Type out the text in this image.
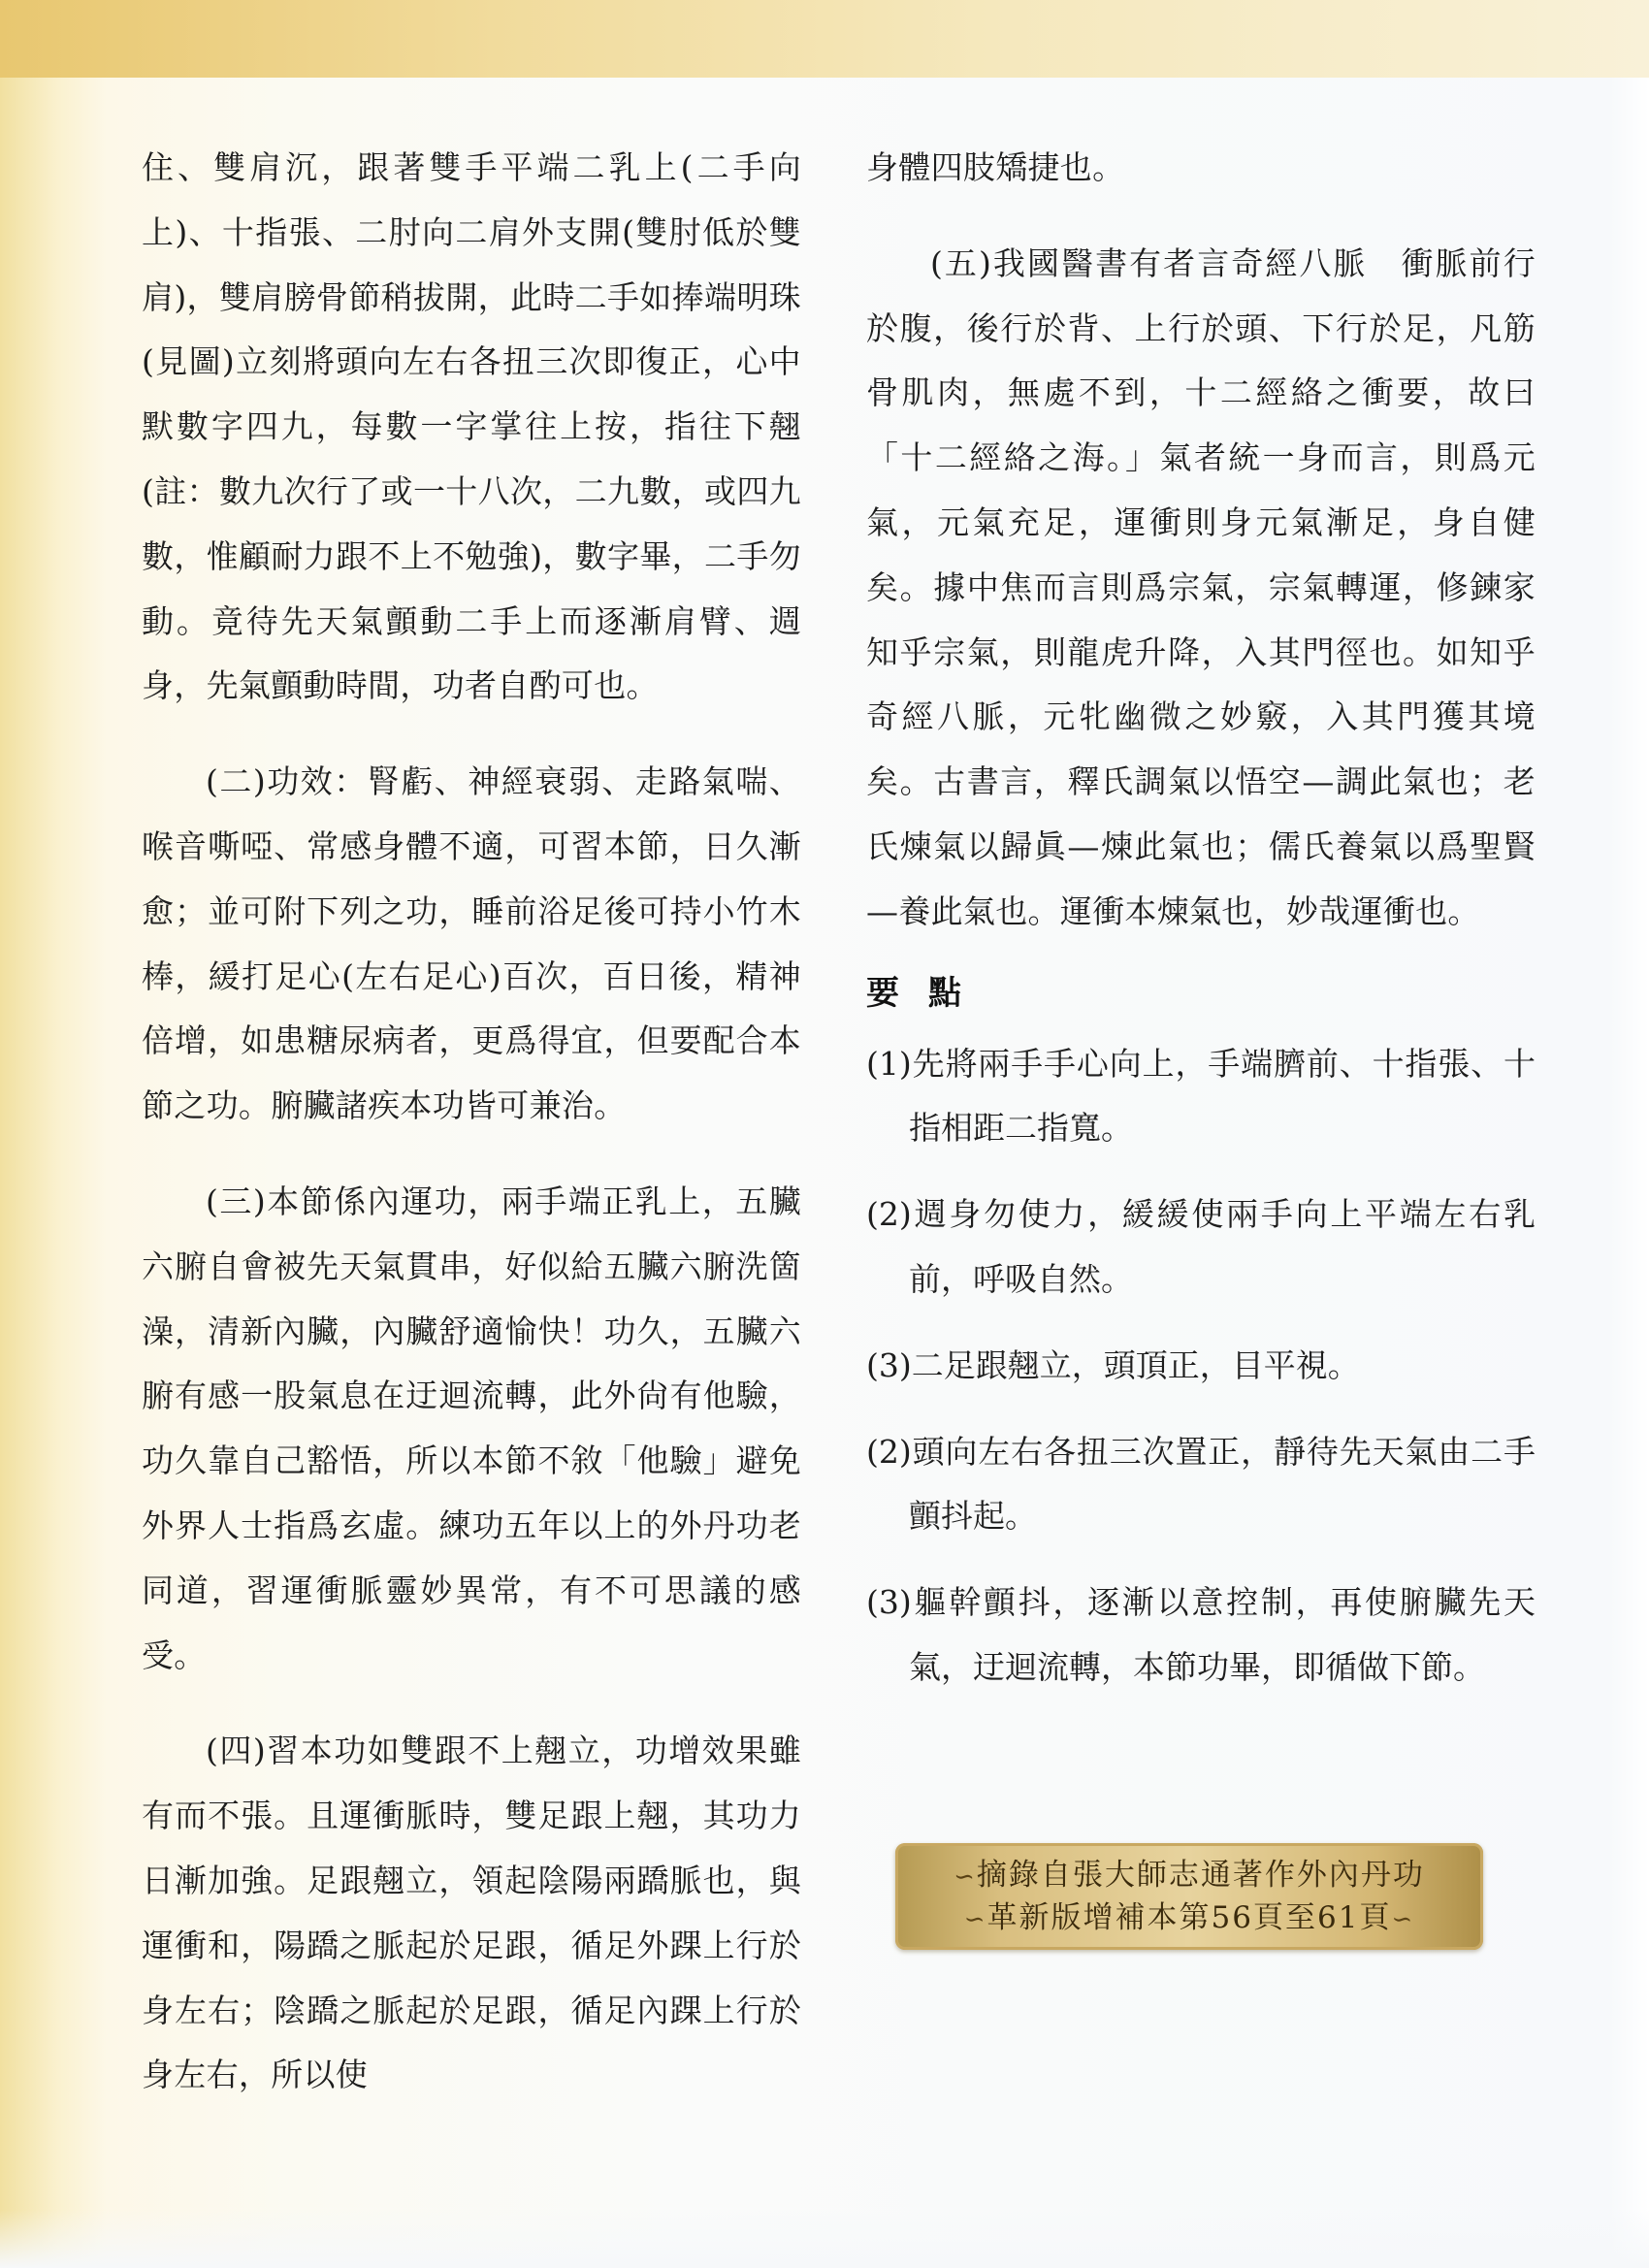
住、雙肩沉，跟著雙手平端二乳上(二手向上)、十指張、二肘向二肩外支開(雙肘低於雙肩)，雙肩膀骨節稍拔開，此時二手如捧端明珠(見圖)立刻將頭向左右各扭三次即復正，心中默數字四九，每數一字掌往上按，指往下翹(註：數九次行了或一十八次，二九數，或四九數，惟顧耐力跟不上不勉強)，數字畢，二手勿動。竟待先天氣顫動二手上而逐漸肩臂、週身，先氣顫動時間，功者自酌可也。

(二)功效：腎虧、神經衰弱、走路氣喘、喉音嘶啞、常感身體不適，可習本節，日久漸愈；並可附下列之功，睡前浴足後可持小竹木棒，緩打足心(左右足心)百次，百日後，精神倍增，如患糖尿病者，更爲得宜，但要配合本節之功。腑臟諸疾本功皆可兼治。

(三)本節係內運功，兩手端正乳上，五臟六腑自會被先天氣貫串，好似給五臟六腑洗箇澡，清新內臟，內臟舒適愉快！功久，五臟六腑有感一股氣息在迂迴流轉，此外尙有他驗，功久靠自己豁悟，所以本節不敘「他驗」避免外界人士指爲玄虛。練功五年以上的外丹功老同道，習運衝脈靈妙異常，有不可思議的感受。

(四)習本功如雙跟不上翹立，功增效果雖有而不張。且運衝脈時，雙足跟上翹，其功力日漸加強。足跟翹立，領起陰陽兩蹻脈也，與運衝和，陽蹻之脈起於足跟，循足外踝上行於身左右；陰蹻之脈起於足跟，循足內踝上行於身左右，所以使

身體四肢矯捷也。

(五)我國醫書有者言奇經八脈　衝脈前行於腹，後行於背、上行於頭、下行於足，凡筋骨肌肉，無處不到，十二經絡之衝要，故曰「十二經絡之海。」氣者統一身而言，則爲元氣，元氣充足，運衝則身元氣漸足，身自健矣。據中焦而言則爲宗氣，宗氣轉運，修鍊家知乎宗氣，則龍虎升降，入其門徑也。如知乎奇經八脈，元牝幽微之妙竅，入其門獲其境矣。古書言，釋氏調氣以悟空—調此氣也；老氏煉氣以歸眞—煉此氣也；儒氏養氣以爲聖賢—養此氣也。運衝本煉氣也，妙哉運衝也。

要點

(1)先將兩手手心向上，手端臍前、十指張、十指相距二指寬。

(2)週身勿使力，緩緩使兩手向上平端左右乳前，呼吸自然。

(3)二足跟翹立，頭頂正，目平視。

(2)頭向左右各扭三次置正，靜待先天氣由二手顫抖起。

(3)軀幹顫抖，逐漸以意控制，再使腑臟先天氣，迂迴流轉，本節功畢，即循做下節。

∽摘錄自張大師志通著作外內丹功
∽革新版增補本第56頁至61頁∽
